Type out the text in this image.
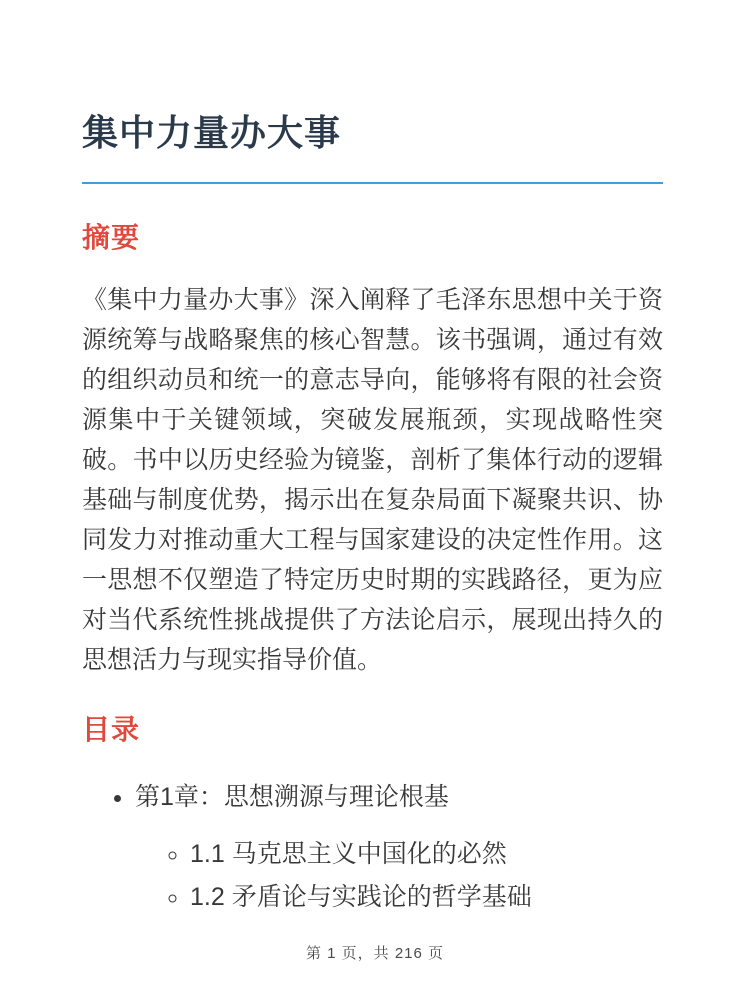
集中力量办大事
摘要

《集中力量办大事》深入阐释了毛泽东思想中关于资源统筹与战略聚焦的核心智慧。该书强调，通过有效的组织动员和统一的意志导向，能够将有限的社会资源集中于关键领域，突破发展瓶颈，实现战略性突破。书中以历史经验为镜鉴，剖析了集体行动的逻辑基础与制度优势，揭示出在复杂局面下凝聚共识、协同发力对推动重大工程与国家建设的决定性作用。这一思想不仅塑造了特定历史时期的实践路径，更为应对当代系统性挑战提供了方法论启示，展现出持久的思想活力与现实指导价值。

目录
• 第1章：思想溯源与理论根基
◦ 1.1 马克思主义中国化的必然
◦ 1.2 矛盾论与实践论的哲学基础
第 1 页，共 216 页
